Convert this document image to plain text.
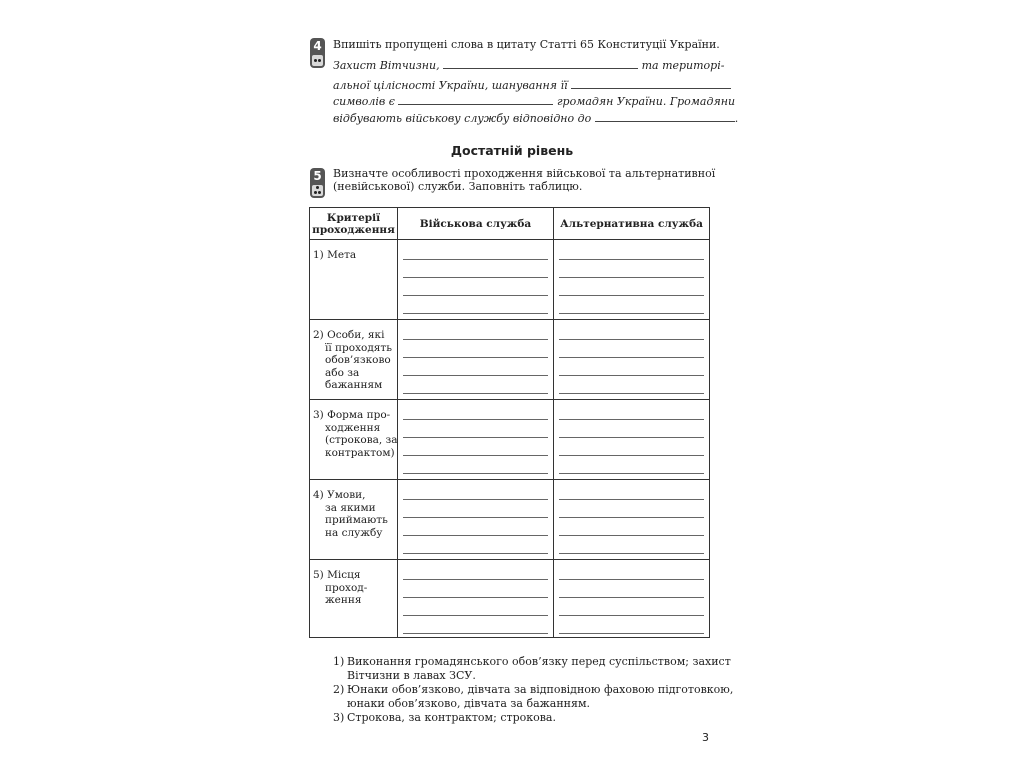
4	Впишіть пропущені слова в цитату Статті 65 Конституції України.
Захист Вітчизни,	та територі-
альної цілісності України, шанування її
символів є	громадян України. Громадяни
відбувають військову службу відповідно до	.
Достатній рівень
5	Визначте особливості проходження військової та альтернативної
(невійськової) служби. Заповніть таблицю.
Критерії
проходження	Військова служба	Альтернативна служба
1) Мета
2) Особи, які
її проходять
обов’язково
або за
бажанням
3) Форма про-
ходження
(строкова, за
контрактом)
4) Умови,
за якими
приймають
на службу
5) Місця
проход-
ження
1) Виконання громадянського обов’язку перед суспільством; захист
Вітчизни в лавах ЗСУ.
2) Юнаки обов’язково, дівчата за відповідною фаховою підготовкою,
юнаки обов’язково, дівчата за бажанням.
3) Строкова, за контрактом; строкова.
3
